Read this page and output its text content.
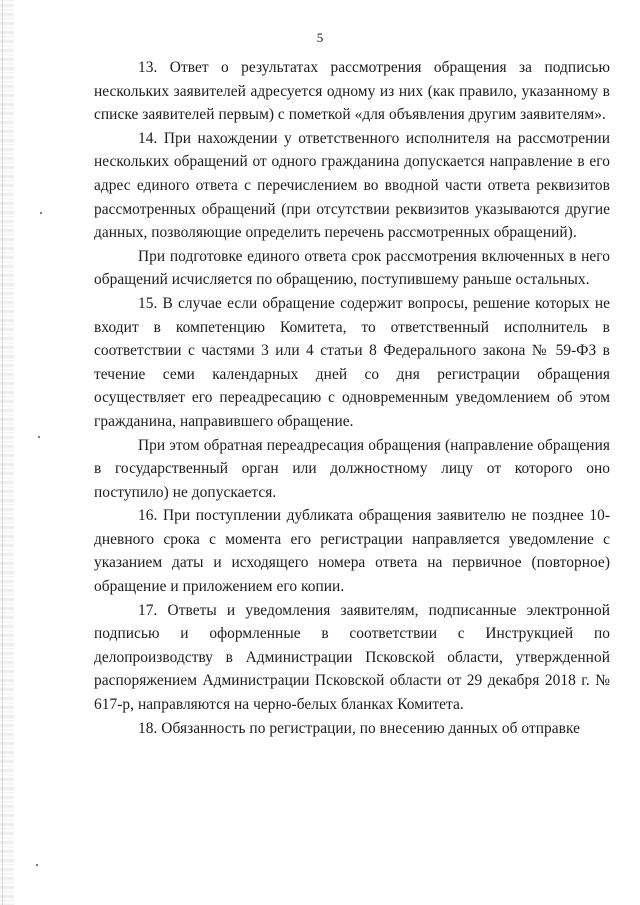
5

13. Ответ о результатах рассмотрения обращения за подписью нескольких заявителей адресуется одному из них (как правило, указанному в списке заявителей первым) с пометкой «для объявления другим заявителям».

14. При нахождении у ответственного исполнителя на рассмотрении нескольких обращений от одного гражданина допускается направление в его адрес единого ответа с перечислением во вводной части ответа реквизитов рассмотренных обращений (при отсутствии реквизитов указываются другие данных, позволяющие определить перечень рассмотренных обращений).

При подготовке единого ответа срок рассмотрения включенных в него обращений исчисляется по обращению, поступившему раньше остальных.

15. В случае если обращение содержит вопросы, решение которых не входит в компетенцию Комитета, то ответственный исполнитель в соответствии с частями 3 или 4 статьи 8 Федерального закона № 59-ФЗ в течение семи календарных дней со дня регистрации обращения осуществляет его переадресацию с одновременным уведомлением об этом гражданина, направившего обращение.

При этом обратная переадресация обращения (направление обращения в государственный орган или должностному лицу от которого оно поступило) не допускается.

16. При поступлении дубликата обращения заявителю не позднее 10-дневного срока с момента его регистрации направляется уведомление с указанием даты и исходящего номера ответа на первичное (повторное) обращение и приложением его копии.

17. Ответы и уведомления заявителям, подписанные электронной подписью и оформленные в соответствии с Инструкцией по делопроизводству в Администрации Псковской области, утвержденной распоряжением Администрации Псковской области от 29 декабря 2018 г. № 617-р, направляются на черно-белых бланках Комитета.

18. Обязанность по регистрации, по внесению данных об отправке
